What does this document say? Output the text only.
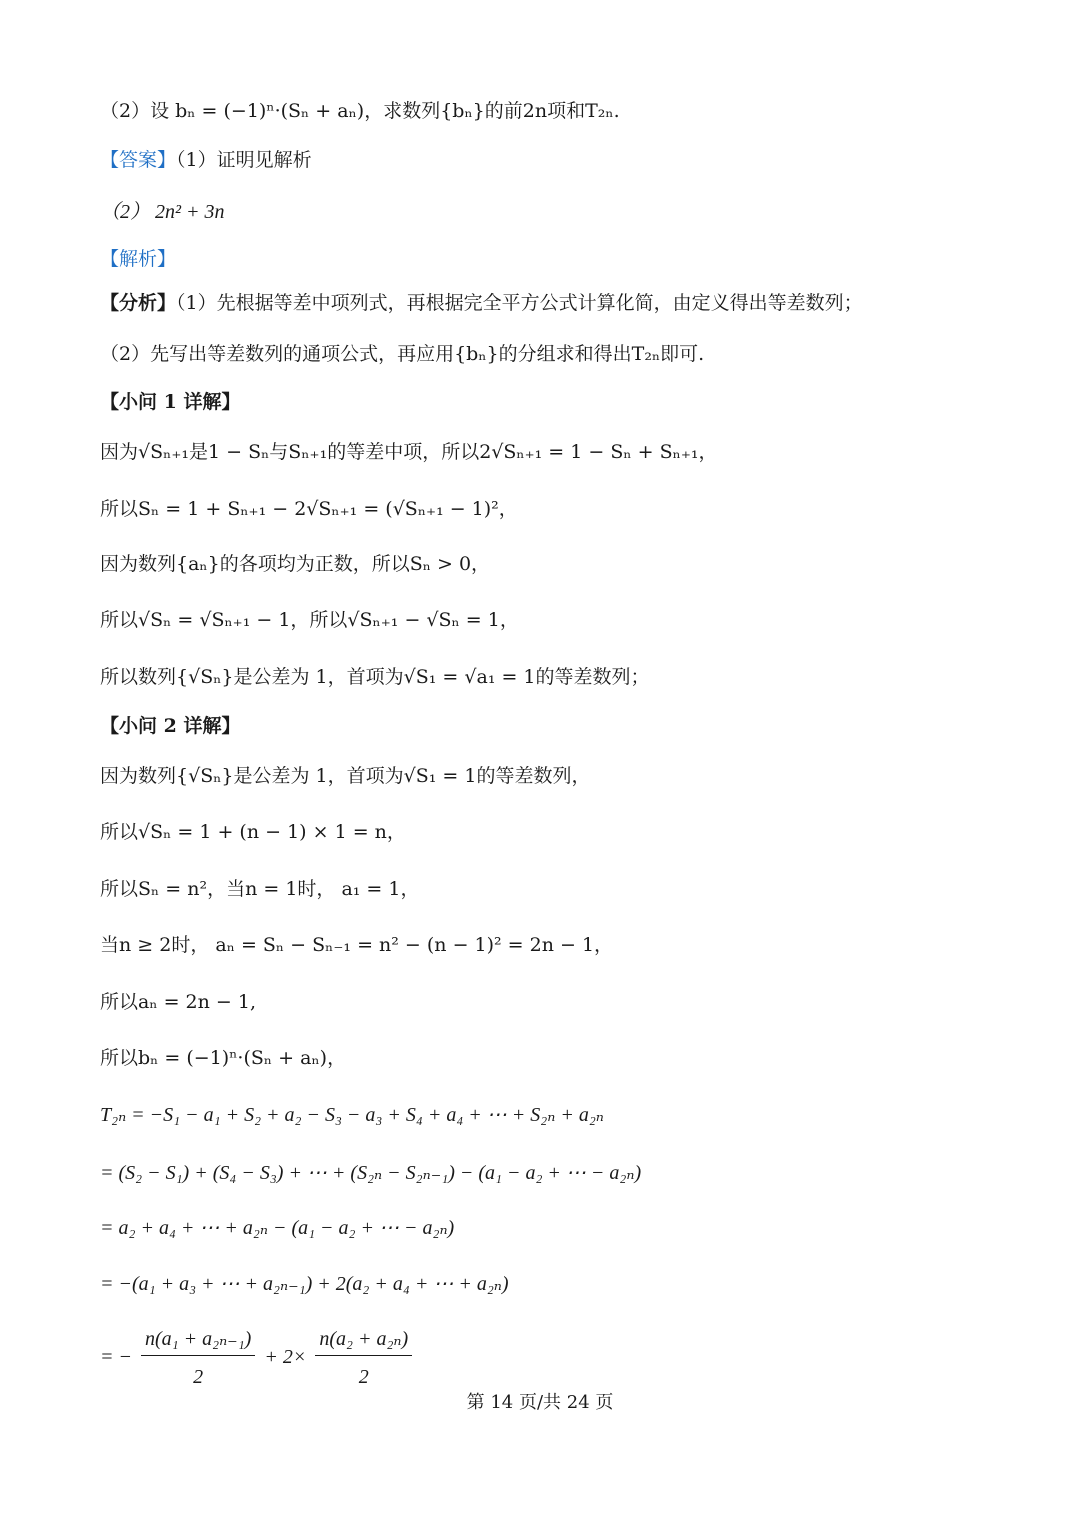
（2）设 bₙ = (−1)ⁿ·(Sₙ + aₙ)，求数列{bₙ}的前2n项和T₂ₙ.
【答案】（1）证明见解析
（2） 2n² + 3n
【解析】
【分析】（1）先根据等差中项列式，再根据完全平方公式计算化简，由定义得出等差数列；
（2）先写出等差数列的通项公式，再应用{bₙ}的分组求和得出T₂ₙ即可.
【小问 1 详解】
因为√Sₙ₊₁是1 − Sₙ与Sₙ₊₁的等差中项，所以2√Sₙ₊₁ = 1 − Sₙ + Sₙ₊₁，
所以Sₙ = 1 + Sₙ₊₁ − 2√Sₙ₊₁ = (√Sₙ₊₁ − 1)²，
因为数列{aₙ}的各项均为正数，所以Sₙ > 0，
所以√Sₙ = √Sₙ₊₁ − 1，所以√Sₙ₊₁ − √Sₙ = 1，
所以数列{√Sₙ}是公差为 1，首项为√S₁ = √a₁ = 1的等差数列；
【小问 2 详解】
因为数列{√Sₙ}是公差为 1，首项为√S₁ = 1的等差数列，
所以√Sₙ = 1 + (n − 1) × 1 = n，
所以Sₙ = n²，当n = 1时， a₁ = 1，
当n ≥ 2时， aₙ = Sₙ − Sₙ₋₁ = n² − (n − 1)² = 2n − 1，
所以aₙ = 2n − 1,
所以bₙ = (−1)ⁿ·(Sₙ + aₙ)，
T₂ₙ = −S₁ − a₁ + S₂ + a₂ − S₃ − a₃ + S₄ + a₄ + ⋯ + S₂ₙ + a₂ₙ
= (S₂ − S₁) + (S₄ − S₃) + ⋯ + (S₂ₙ − S₂ₙ₋₁) − (a₁ − a₂ + ⋯ − a₂ₙ)
= a₂ + a₄ + ⋯ + a₂ₙ − (a₁ − a₂ + ⋯ − a₂ₙ)
= −(a₁ + a₃ + ⋯ + a₂ₙ₋₁) + 2(a₂ + a₄ + ⋯ + a₂ₙ)
= − $\frac{\text{n(a₁ + a₂ₙ₋₁)}}{2} + 2\times \frac{\text{n(a₂ + a₂ₙ)}}{2}$
第 14 页/共 24 页
